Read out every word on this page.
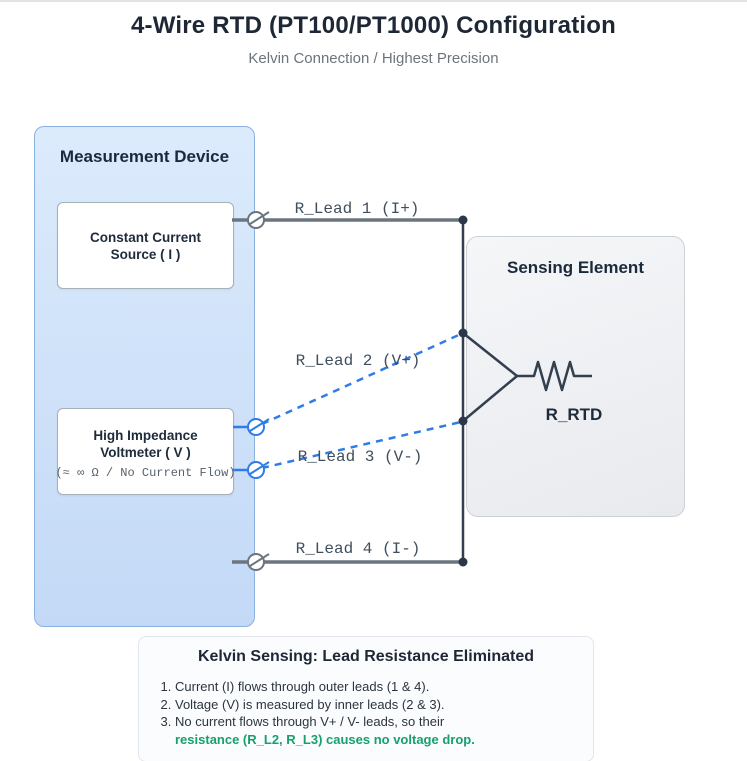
4-Wire RTD (PT100/PT1000) Configuration
Kelvin Connection / Highest Precision
Measurement Device
Constant Current
Source ( I )
High Impedance
Voltmeter ( V )
(≈ ∞ Ω / No Current Flow)
Sensing Element
R_Lead 1 (I+)
R_Lead 2 (V+)
R_Lead 3 (V-)
R_Lead 4 (I-)
R_RTD
Kelvin Sensing: Lead Resistance Eliminated
1. Current (I) flows through outer leads (1 & 4).
2. Voltage (V) is measured by inner leads (2 & 3).
3. No current flows through V+ / V- leads, so their
resistance (R_L2, R_L3) causes no voltage drop.
